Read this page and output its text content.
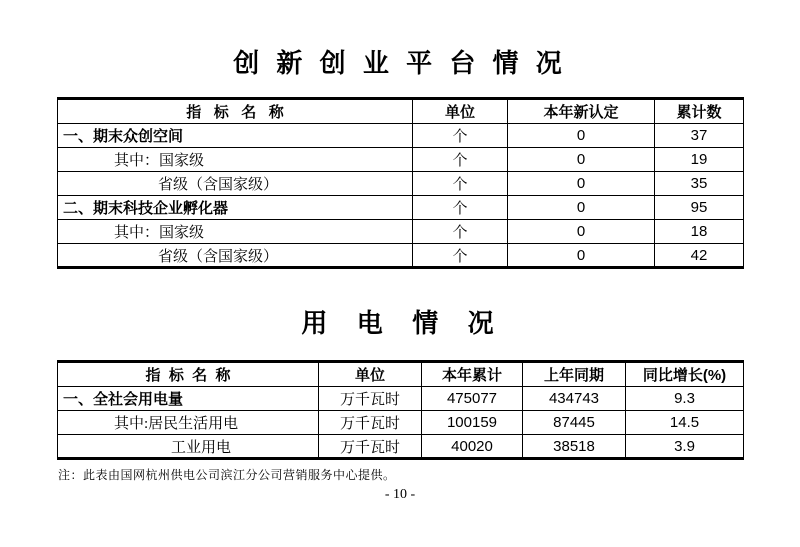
创 新 创 业 平 台 情 况
指   标   名   称	单位	本年新认定	累计数
一、期末众创空间	个	0	37
其中：国家级	个	0	19
省级（含国家级）	个	0	35
二、期末科技企业孵化器	个	0	95
其中：国家级	个	0	18
省级（含国家级）	个	0	42
用  电  情  况
指  标  名  称	单位	本年累计	上年同期	同比增长(%)
一、全社会用电量	万千瓦时	475077	434743	9.3
其中:居民生活用电	万千瓦时	100159	87445	14.5
工业用电	万千瓦时	40020	38518	3.9
注：此表由国网杭州供电公司滨江分公司营销服务中心提供。
- 10 -
